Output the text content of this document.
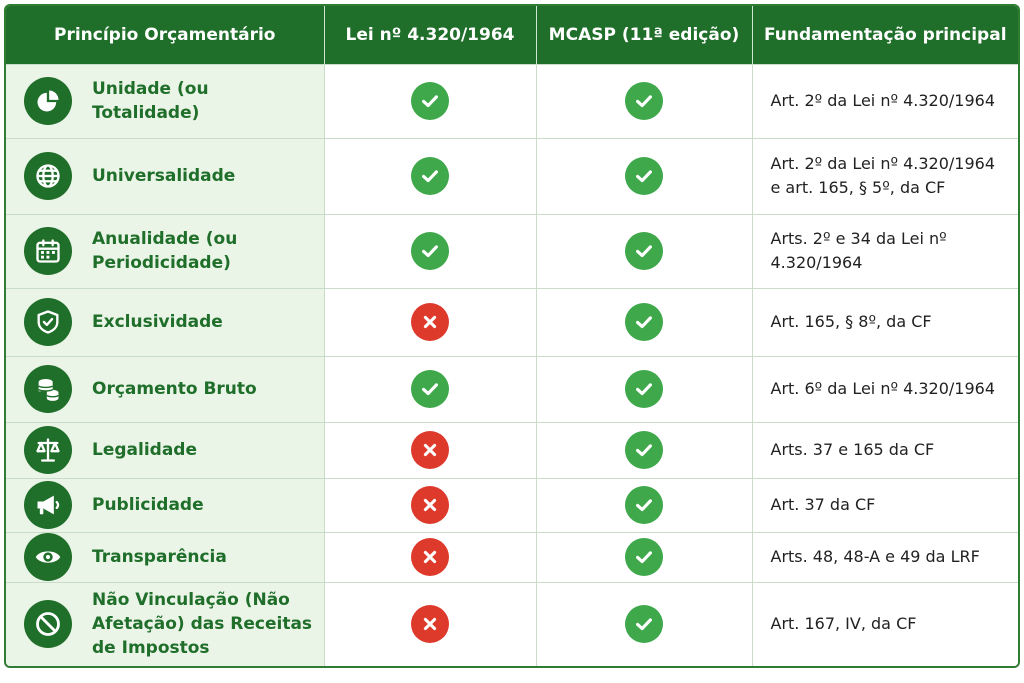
Princípio Orçamentário	Lei nº 4.320/1964	MCASP (11ª edição)	Fundamentação principal

Unidade (ou Totalidade)			Art. 2º da Lei nº 4.320/1964

Universalidade			Art. 2º da Lei nº 4.320/1964 e art. 165, § 5º, da CF

Anualidade (ou Periodicidade)			Arts. 2º e 34 da Lei nº 4.320/1964

Exclusividade			Art. 165, § 8º, da CF

Orçamento Bruto			Art. 6º da Lei nº 4.320/1964

Legalidade			Arts. 37 e 165 da CF

Publicidade			Art. 37 da CF

Transparência			Arts. 48, 48-A e 49 da LRF

Não Vinculação (Não Afetação) das Receitas de Impostos			Art. 167, IV, da CF
